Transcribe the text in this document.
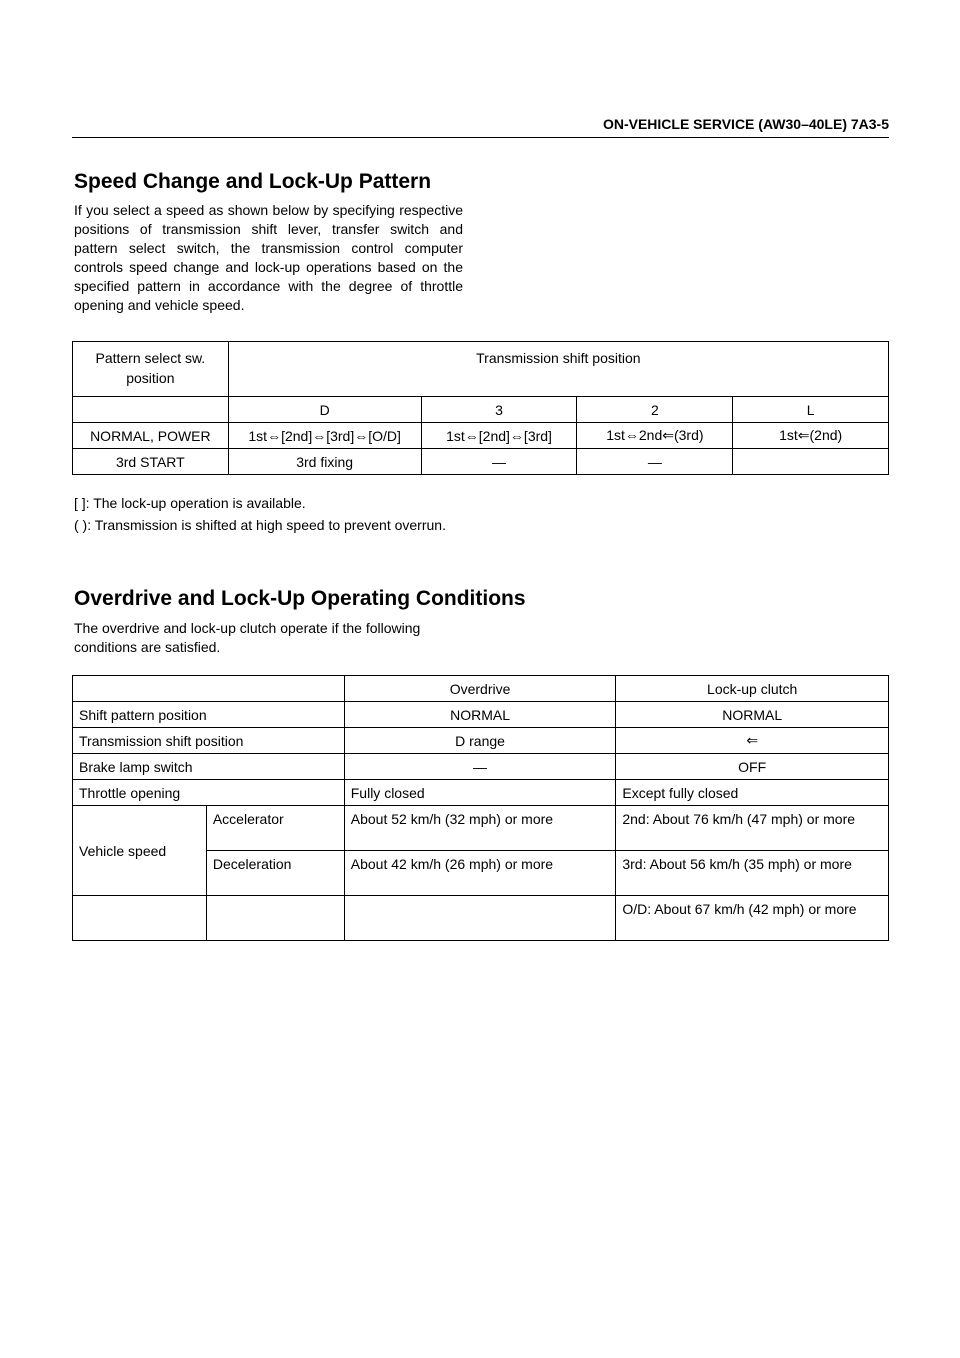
ON-VEHICLE SERVICE (AW30–40LE) 7A3-5
Speed Change and Lock-Up Pattern

If you select a speed as shown below by specifying respective positions of transmission shift lever, transfer switch and pattern select switch, the transmission control computer controls speed change and lock-up operations based on the specified pattern in accordance with the degree of throttle opening and vehicle speed.

Pattern select sw.
position	Transmission shift position			
	D	3	2	L
NORMAL, POWER	1st⇔[2nd]⇔[3rd]⇔[O/D]	1st⇔[2nd]⇔[3rd]	1st⇔2nd⇐(3rd)	1st⇐(2nd)
3rd START	3rd fixing	—	—	
[ ]: The lock-up operation is available.
( ): Transmission is shifted at high speed to prevent overrun.
Overdrive and Lock-Up Operating Conditions
The overdrive and lock-up clutch operate if the following
conditions are satisfied.
		Overdrive	Lock-up clutch
Shift pattern position		NORMAL	NORMAL
Transmission shift position		D range	⇐
Brake lamp switch		—	OFF
Throttle opening		Fully closed	Except fully closed
Vehicle speed	Accelerator	About 52 km/h (32 mph) or more	2nd: About 76 km/h (47 mph) or more
	Deceleration	About 42 km/h (26 mph) or more	3rd: About 56 km/h (35 mph) or more
			O/D: About 67 km/h (42 mph) or more
